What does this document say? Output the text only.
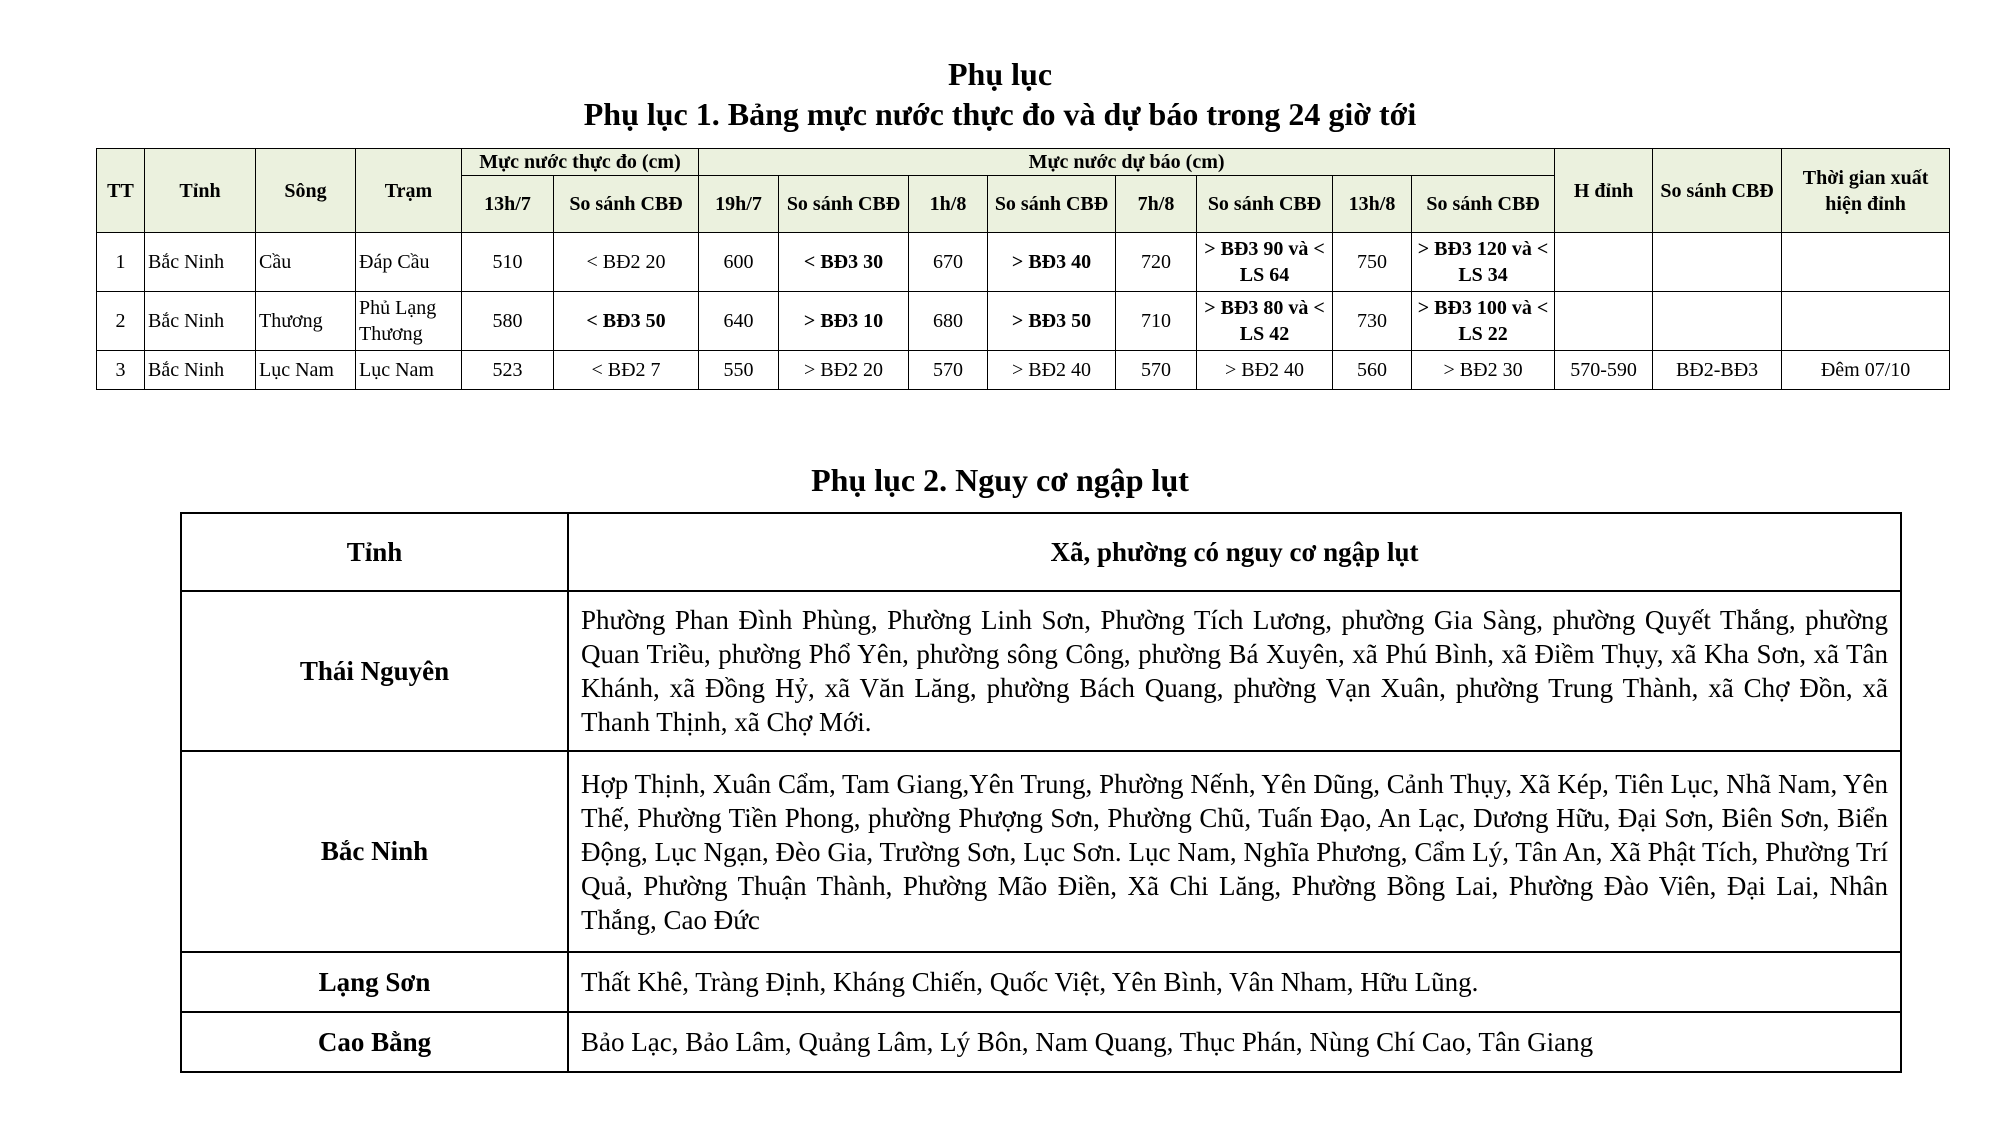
Phụ lục
Phụ lục 1. Bảng mực nước thực đo và dự báo trong 24 giờ tới
TT	Tỉnh	Sông	Trạm	Mực nước thực đo (cm)		Mực nước dự báo (cm)								H đỉnh	So sánh CBĐ	Thời gian xuất hiện đỉnh
				13h/7	So sánh CBĐ	19h/7	So sánh CBĐ	1h/8	So sánh CBĐ	7h/8	So sánh CBĐ	13h/8	So sánh CBĐ			
1	Bắc Ninh	Cầu	Đáp Cầu	510	< BĐ2 20	600	< BĐ3 30	670	> BĐ3 40	720	> BĐ3 90 và < LS 64	750	> BĐ3 120 và < LS 34			
2	Bắc Ninh	Thương	Phủ Lạng Thương	580	< BĐ3 50	640	> BĐ3 10	680	> BĐ3 50	710	> BĐ3 80 và < LS 42	730	> BĐ3 100 và < LS 22			
3	Bắc Ninh	Lục Nam	Lục Nam	523	< BĐ2 7	550	> BĐ2 20	570	> BĐ2 40	570	> BĐ2 40	560	> BĐ2 30	570-590	BĐ2-BĐ3	Đêm 07/10
Phụ lục 2. Nguy cơ ngập lụt
Tỉnh	Xã, phường có nguy cơ ngập lụt
Thái Nguyên	Phường Phan Đình Phùng, Phường Linh Sơn, Phường Tích Lương, phường Gia Sàng, phường Quyết Thắng, phường Quan Triều, phường Phổ Yên, phường sông Công, phường Bá Xuyên, xã Phú Bình, xã Điềm Thụy, xã Kha Sơn, xã Tân Khánh, xã Đồng Hỷ, xã Văn Lăng, phường Bách Quang, phường Vạn Xuân, phường Trung Thành, xã Chợ Đồn, xã Thanh Thịnh, xã Chợ Mới.
Bắc Ninh	Hợp Thịnh, Xuân Cẩm, Tam Giang,Yên Trung, Phường Nếnh, Yên Dũng, Cảnh Thụy, Xã Kép, Tiên Lục, Nhã Nam, Yên Thế, Phường Tiền Phong, phường Phượng Sơn, Phường Chũ, Tuấn Đạo, An Lạc, Dương Hữu, Đại Sơn, Biên Sơn, Biển Động, Lục Ngạn, Đèo Gia, Trường Sơn, Lục Sơn. Lục Nam, Nghĩa Phương, Cẩm Lý, Tân An, Xã Phật Tích, Phường Trí Quả, Phường Thuận Thành, Phường Mão Điền, Xã Chi Lăng, Phường Bồng Lai, Phường Đào Viên, Đại Lai, Nhân Thắng, Cao Đức
Lạng Sơn	Thất Khê, Tràng Định, Kháng Chiến, Quốc Việt, Yên Bình, Vân Nham, Hữu Lũng.
Cao Bằng	Bảo Lạc, Bảo Lâm, Quảng Lâm, Lý Bôn, Nam Quang, Thục Phán, Nùng Chí Cao, Tân Giang
